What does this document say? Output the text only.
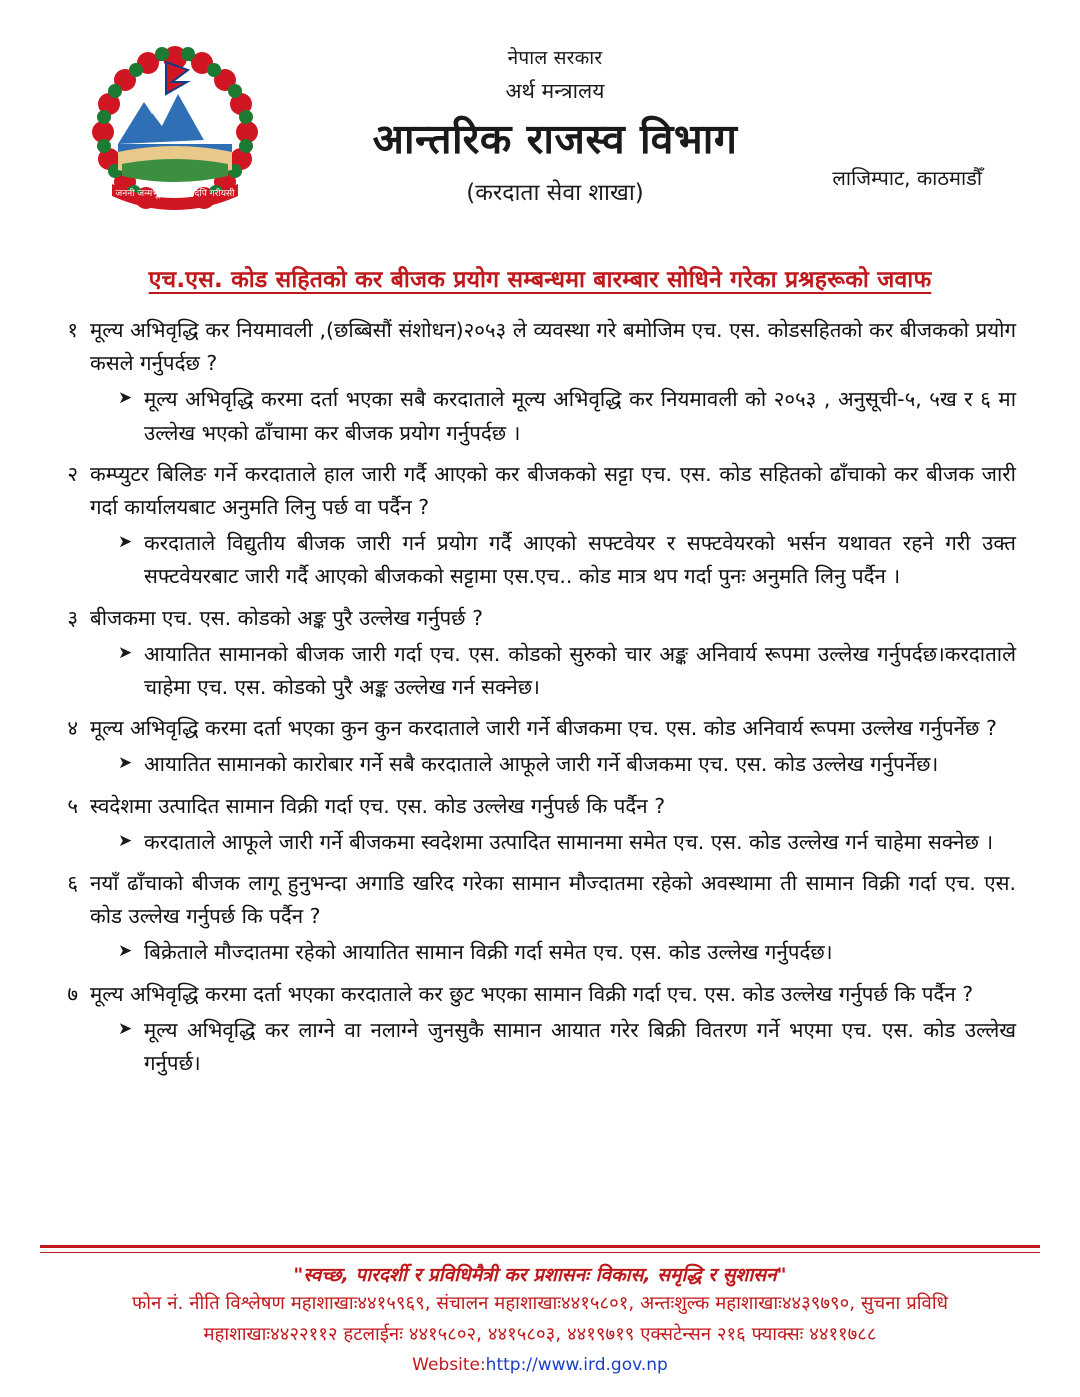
जननी जन्मभूमिश्च स्वर्गादपि गरीयसी
नेपाल सरकार
अर्थ मन्त्रालय
आन्तरिक राजस्व विभाग
(करदाता सेवा शाखा)
लाजिम्पाट, काठमाडौँ
एच.एस. कोड सहितको कर बीजक प्रयोग सम्बन्धमा बारम्बार सोधिने गरेका प्रश्रहरूको जवाफ
१ मूल्य अभिवृद्धि कर नियमावली ,(छब्बिसौं संशोधन)२०५३ ले व्यवस्था गरे बमोजिम एच. एस. कोडसहितको कर बीजकको प्रयोग कसले गर्नुपर्दछ ?
➤ मूल्य अभिवृद्धि करमा दर्ता भएका सबै करदाताले मूल्य अभिवृद्धि कर नियमावली को २०५३ , अनुसूची-५, ५ख र ६ मा उल्लेख भएको ढाँचामा कर बीजक प्रयोग गर्नुपर्दछ ।
२ कम्प्युटर बिलिङ गर्ने करदाताले हाल जारी गर्दै आएको कर बीजकको सट्टा एच. एस. कोड सहितको ढाँचाको कर बीजक जारी गर्दा कार्यालयबाट अनुमति लिनु पर्छ वा पर्दैन ?
➤ करदाताले विद्युतीय बीजक जारी गर्न प्रयोग गर्दै आएको सफ्टवेयर र सफ्टवेयरको भर्सन यथावत रहने गरी उक्त सफ्टवेयरबाट जारी गर्दै आएको बीजकको सट्टामा एस.एच.. कोड मात्र थप गर्दा पुनः अनुमति लिनु पर्दैन ।
३ बीजकमा एच. एस. कोडको अङ्क पुरै उल्लेख गर्नुपर्छ ?
➤ आयातित सामानको बीजक जारी गर्दा एच. एस. कोडको सुरुको चार अङ्क अनिवार्य रूपमा उल्लेख गर्नुपर्दछ।करदाताले चाहेमा एच. एस. कोडको पुरै अङ्क उल्लेख गर्न सक्नेछ।
४ मूल्य अभिवृद्धि करमा दर्ता भएका कुन कुन करदाताले जारी गर्ने बीजकमा एच. एस. कोड अनिवार्य रूपमा उल्लेख गर्नुपर्नेछ ?
➤ आयातित सामानको कारोबार गर्ने सबै करदाताले आफूले जारी गर्ने बीजकमा एच. एस. कोड उल्लेख गर्नुपर्नेछ।
५ स्वदेशमा उत्पादित सामान विक्री गर्दा एच. एस. कोड उल्लेख गर्नुपर्छ कि पर्दैन ?
➤ करदाताले आफूले जारी गर्ने बीजकमा स्वदेशमा उत्पादित सामानमा समेत एच. एस. कोड उल्लेख गर्न चाहेमा सक्नेछ ।
६ नयाँ ढाँचाको बीजक लागू हुनुभन्दा अगाडि खरिद गरेका सामान मौज्दातमा रहेको अवस्थामा ती सामान विक्री गर्दा एच. एस. कोड उल्लेख गर्नुपर्छ कि पर्दैन ?
➤ बिक्रेताले मौज्दातमा रहेको आयातित सामान विक्री गर्दा समेत एच. एस. कोड उल्लेख गर्नुपर्दछ।
७ मूल्य अभिवृद्धि करमा दर्ता भएका करदाताले कर छुट भएका सामान विक्री गर्दा एच. एस. कोड उल्लेख गर्नुपर्छ कि पर्दैन ?
➤ मूल्य अभिवृद्धि कर लाग्ने वा नलाग्ने जुनसुकै सामान आयात गरेर बिक्री वितरण गर्ने भएमा एच. एस. कोड उल्लेख गर्नुपर्छ।
"स्वच्छ, पारदर्शी र प्रविधिमैत्री कर प्रशासनः विकास, समृद्धि र सुशासन"
फोन नं. नीति विश्लेषण महाशाखाः४४१५९६९, संचालन महाशाखाः४४१५८०१, अन्तःशुल्क महाशाखाः४४३९७९०, सुचना प्रविधि
महाशाखाः४४२२११२ हटलाईनः ४४१५८०२, ४४१५८०३, ४४१९७१९ एक्सटेन्सन २१६ फ्याक्सः ४४११७८८
Website:http://www.ird.gov.np
